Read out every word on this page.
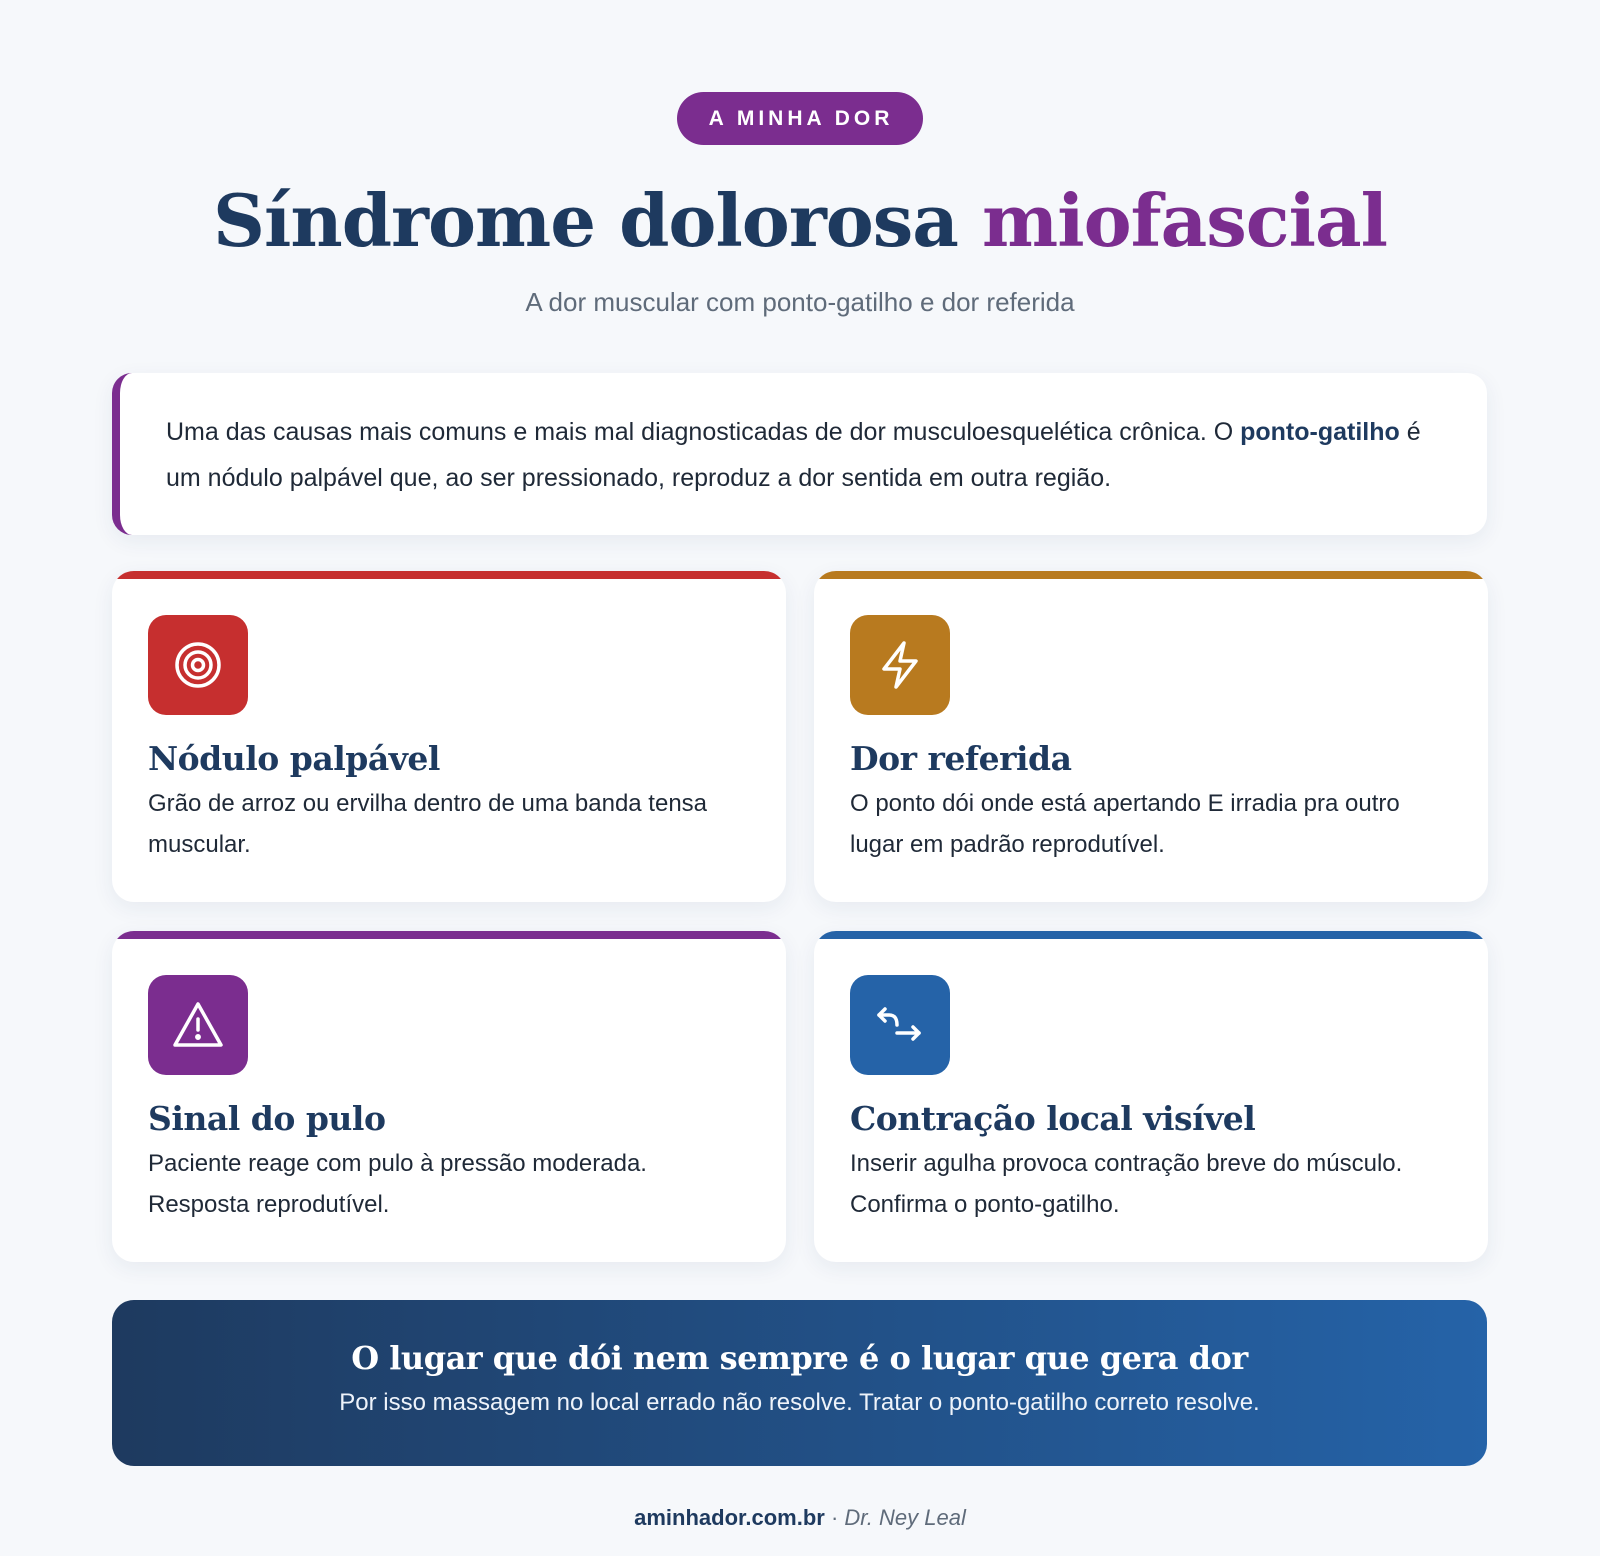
A MINHA DOR
Síndrome dolorosa miofascial
A dor muscular com ponto-gatilho e dor referida
Uma das causas mais comuns e mais mal diagnosticadas de dor musculoesquelética crônica. O ponto-gatilho é um nódulo palpável que, ao ser pressionado, reproduz a dor sentida em outra região.
Nódulo palpável

Grão de arroz ou ervilha dentro de uma banda tensa muscular.

Dor referida

O ponto dói onde está apertando E irradia pra outro lugar em padrão reprodutível.

Sinal do pulo

Paciente reage com pulo à pressão moderada. Resposta reprodutível.

Contração local visível

Inserir agulha provoca contração breve do músculo. Confirma o ponto-gatilho.

O lugar que dói nem sempre é o lugar que gera dor

Por isso massagem no local errado não resolve. Tratar o ponto-gatilho correto resolve.

aminhador.com.br · Dr. Ney Leal
